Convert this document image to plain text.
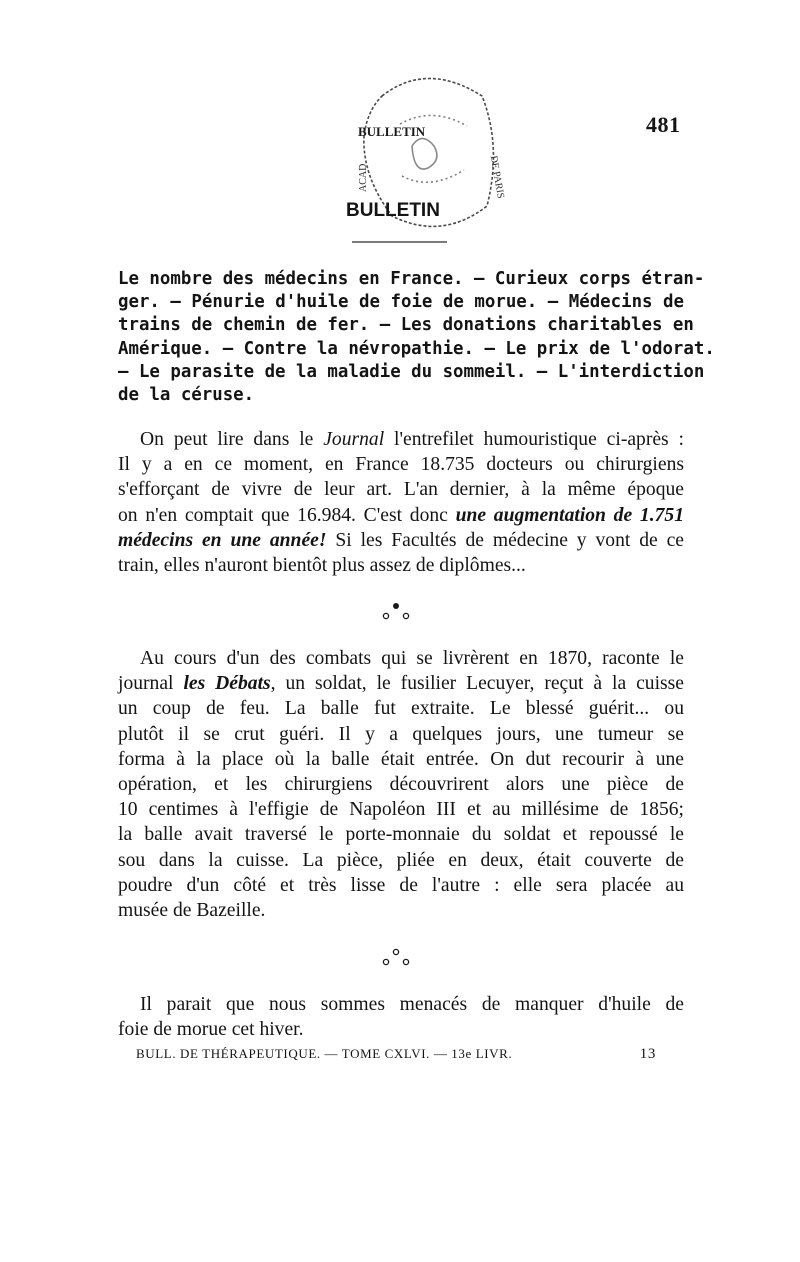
BULLETIN
BULLETIN
ACAD	DE PARIS
481
Le nombre des médecins en France. — Curieux corps étran-
ger. — Pénurie d'huile de foie de morue. — Médecins de
trains de chemin de fer. — Les donations charitables en
Amérique. — Contre la névropathie. — Le prix de l'odorat.
— Le parasite de la maladie du sommeil. — L'interdiction
de la céruse.
On peut lire dans le Journal l'entrefilet humouristique ci-après :
Il y a en ce moment, en France 18.735 docteurs ou chirurgiens
s'efforçant de vivre de leur art. L'an dernier, à la même époque
on n'en comptait que 16.984. C'est donc une augmentation de 1.751
médecins en une année! Si les Facultés de médecine y vont de ce
train, elles n'auront bientôt plus assez de diplômes...
Au cours d'un des combats qui se livrèrent en 1870, raconte le
journal les Débats, un soldat, le fusilier Lecuyer, reçut à la cuisse
un coup de feu. La balle fut extraite. Le blessé guérit... ou
plutôt il se crut guéri. Il y a quelques jours, une tumeur se
forma à la place où la balle était entrée. On dut recourir à une
opération, et les chirurgiens découvrirent alors une pièce de
10 centimes à l'effigie de Napoléon III et au millésime de 1856;
la balle avait traversé le porte-monnaie du soldat et repoussé le
sou dans la cuisse. La pièce, pliée en deux, était couverte de
poudre d'un côté et très lisse de l'autre : elle sera placée au
musée de Bazeille.
Il parait que nous sommes menacés de manquer d'huile de
foie de morue cet hiver.
BULL. DE THÉRAPEUTIQUE. — TOME CXLVI. — 13e LIVR.	13
